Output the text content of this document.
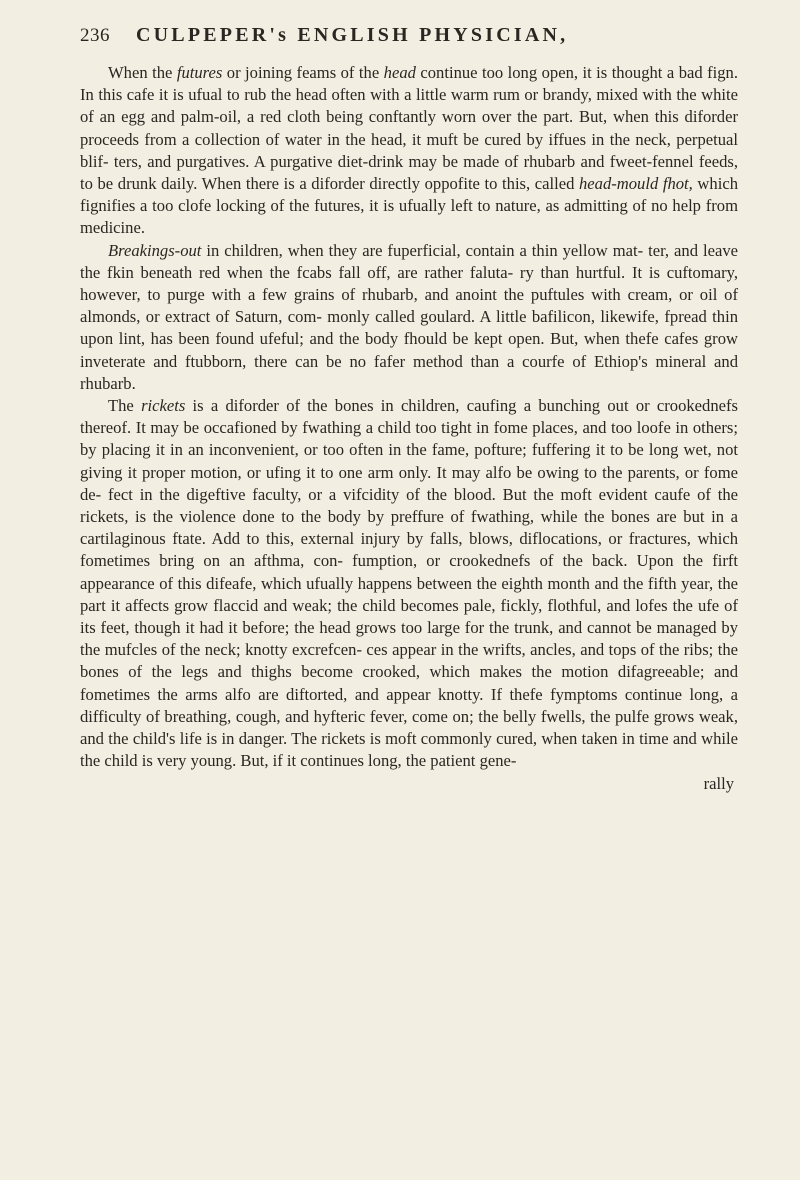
236	CULPEPER's ENGLISH PHYSICIAN,

When the futures or joining feams of the head continue too long open, it is thought a bad fign. In this cafe it is ufual to rub the head often with a little warm rum or brandy, mixed with the white of an egg and palm-oil, a red cloth being conftantly worn over the part. But, when this diforder proceeds from a collection of water in the head, it muft be cured by iffues in the neck, perpetual blif- ters, and purgatives. A purgative diet-drink may be made of rhubarb and fweet-fennel feeds, to be drunk daily. When there is a diforder directly oppofite to this, called head-mould fhot, which fignifies a too clofe locking of the futures, it is ufually left to nature, as admitting of no help from medicine.

Breakings-out in children, when they are fuperficial, contain a thin yellow mat- ter, and leave the fkin beneath red when the fcabs fall off, are rather faluta- ry than hurtful. It is cuftomary, however, to purge with a few grains of rhubarb, and anoint the puftules with cream, or oil of almonds, or extract of Saturn, com- monly called goulard. A little bafilicon, likewife, fpread thin upon lint, has been found ufeful; and the body fhould be kept open. But, when thefe cafes grow inveterate and ftubborn, there can be no fafer method than a courfe of Ethiop's mineral and rhubarb.

The rickets is a diforder of the bones in children, caufing a bunching out or crookednefs thereof. It may be occafioned by fwathing a child too tight in fome places, and too loofe in others; by placing it in an inconvenient, or too often in the fame, pofture; fuffering it to be long wet, not giving it proper motion, or ufing it to one arm only. It may alfo be owing to the parents, or fome de- fect in the digeftive faculty, or a vifcidity of the blood. But the moft evident caufe of the rickets, is the violence done to the body by preffure of fwathing, while the bones are but in a cartilaginous ftate. Add to this, external injury by falls, blows, diflocations, or fractures, which fometimes bring on an afthma, con- fumption, or crookednefs of the back. Upon the firft appearance of this difeafe, which ufually happens between the eighth month and the fifth year, the part it affects grow flaccid and weak; the child becomes pale, fickly, flothful, and lofes the ufe of its feet, though it had it before; the head grows too large for the trunk, and cannot be managed by the mufcles of the neck; knotty excrefcen- ces appear in the wrifts, ancles, and tops of the ribs; the bones of the legs and thighs become crooked, which makes the motion difagreeable; and fometimes the arms alfo are diftorted, and appear knotty. If thefe fymptoms continue long, a difficulty of breathing, cough, and hyfteric fever, come on; the belly fwells, the pulfe grows weak, and the child's life is in danger. The rickets is moft commonly cured, when taken in time and while the child is very young. But, if it continues long, the patient gene-

rally
